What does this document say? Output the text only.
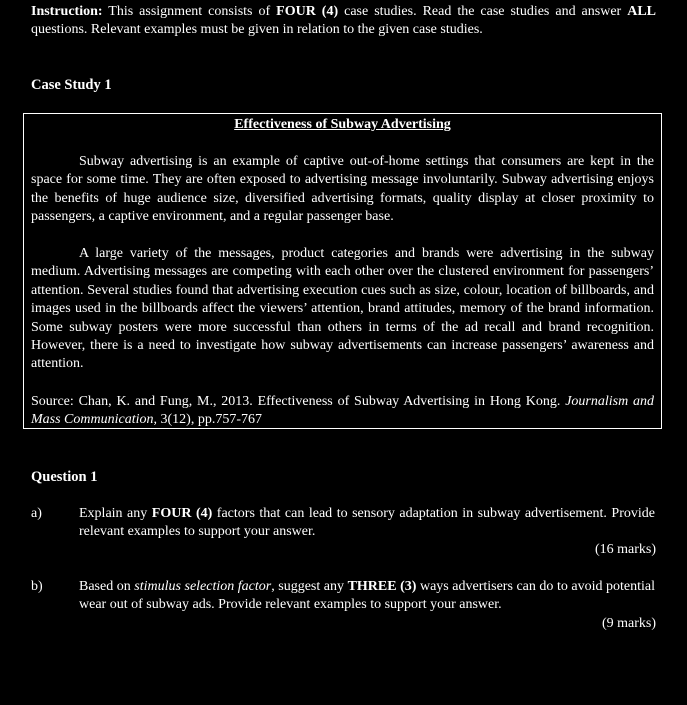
Instruction: This assignment consists of FOUR (4) case studies. Read the case studies and answer ALL questions. Relevant examples must be given in relation to the given case studies.
Case Study 1
Effectiveness of Subway Advertising
Subway advertising is an example of captive out-of-home settings that consumers are kept in the space for some time. They are often exposed to advertising message involuntarily. Subway advertising enjoys the benefits of huge audience size, diversified advertising formats, quality display at closer proximity to passengers, a captive environment, and a regular passenger base.
A large variety of the messages, product categories and brands were advertising in the subway medium. Advertising messages are competing with each other over the clustered environment for passengers’ attention. Several studies found that advertising execution cues such as size, colour, location of billboards, and images used in the billboards affect the viewers’ attention, brand attitudes, memory of the brand information. Some subway posters were more successful than others in terms of the ad recall and brand recognition. However, there is a need to investigate how subway advertisements can increase passengers’ awareness and attention.
Source: Chan, K. and Fung, M., 2013. Effectiveness of Subway Advertising in Hong Kong. Journalism and Mass Communication, 3(12), pp.757-767
Question 1
a)	Explain any FOUR (4) factors that can lead to sensory adaptation in subway advertisement. Provide relevant examples to support your answer.
(16 marks)
b)	Based on stimulus selection factor, suggest any THREE (3) ways advertisers can do to avoid potential wear out of subway ads. Provide relevant examples to support your answer.
(9 marks)
